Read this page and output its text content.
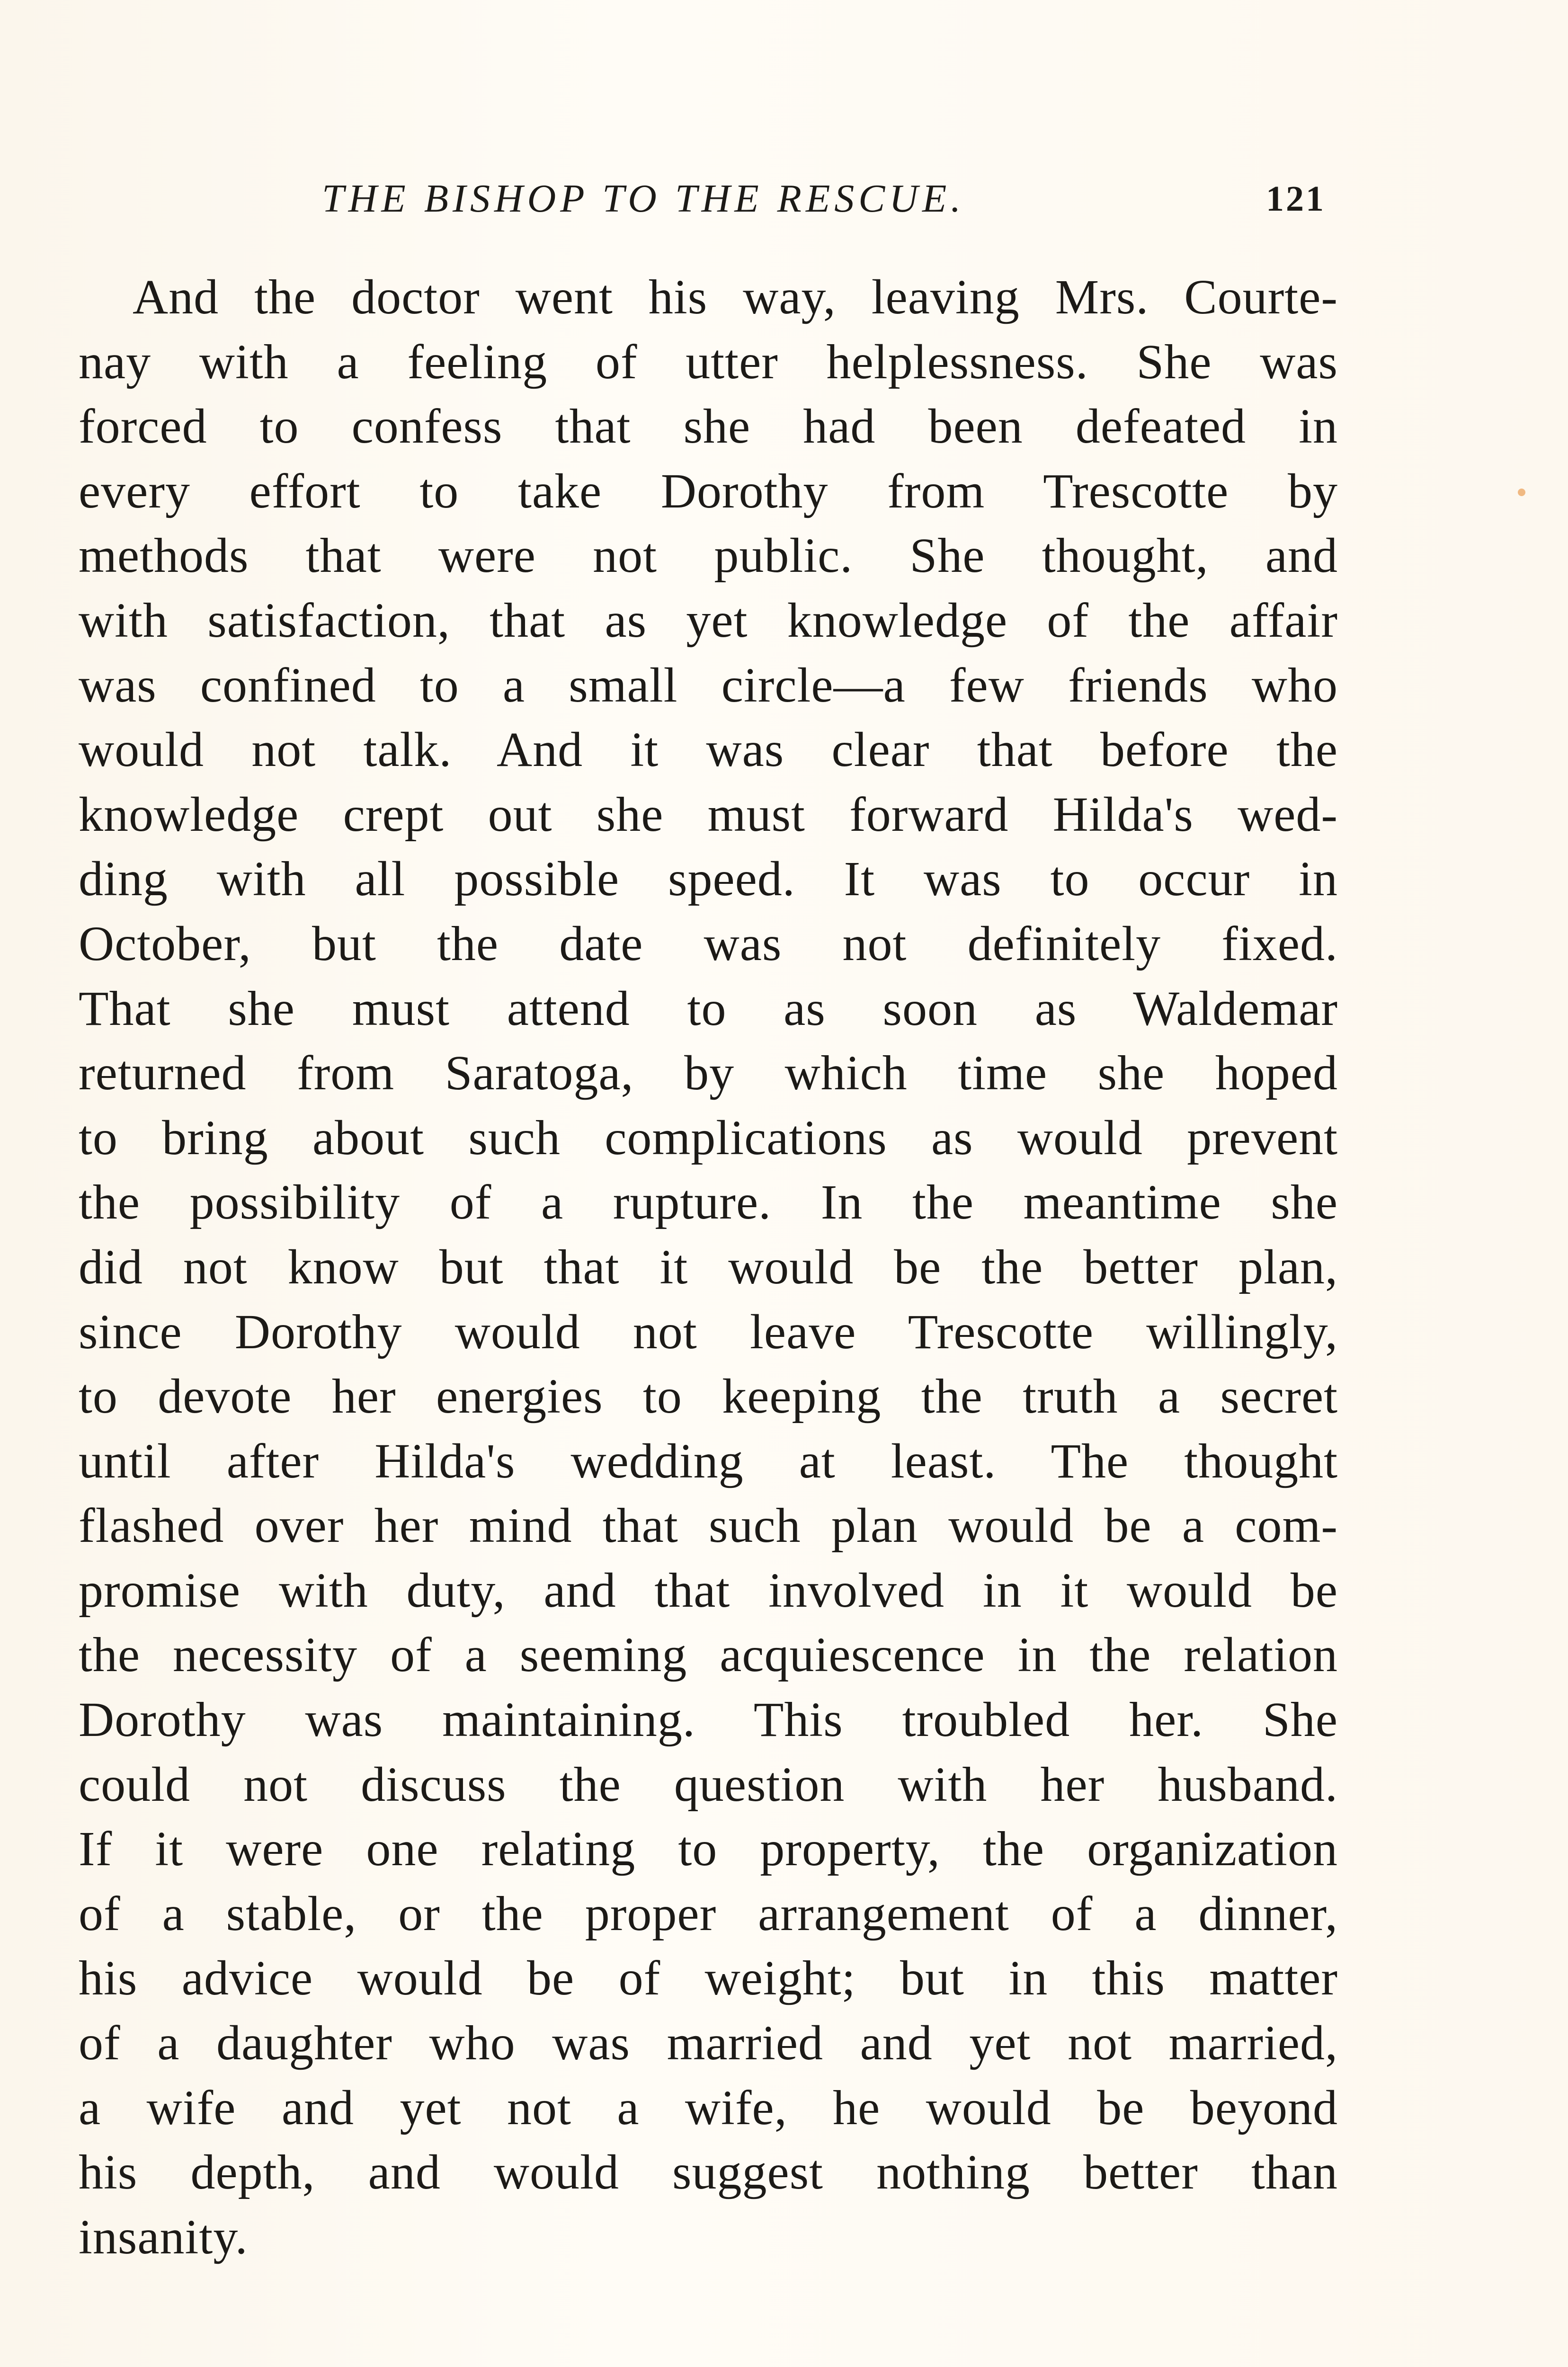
THE BISHOP TO THE RESCUE.	121
And the doctor went his way, leaving Mrs. Courte-
nay with a feeling of utter helplessness. She was
forced to confess that she had been defeated in
every effort to take Dorothy from Trescotte by
methods that were not public. She thought, and
with satisfaction, that as yet knowledge of the affair
was confined to a small circle—a few friends who
would not talk. And it was clear that before the
knowledge crept out she must forward Hilda's wed-
ding with all possible speed. It was to occur in
October, but the date was not definitely fixed.
That she must attend to as soon as Waldemar
returned from Saratoga, by which time she hoped
to bring about such complications as would prevent
the possibility of a rupture. In the meantime she
did not know but that it would be the better plan,
since Dorothy would not leave Trescotte willingly,
to devote her energies to keeping the truth a secret
until after Hilda's wedding at least. The thought
flashed over her mind that such plan would be a com-
promise with duty, and that involved in it would be
the necessity of a seeming acquiescence in the relation
Dorothy was maintaining. This troubled her. She
could not discuss the question with her husband.
If it were one relating to property, the organization
of a stable, or the proper arrangement of a dinner,
his advice would be of weight; but in this matter
of a daughter who was married and yet not married,
a wife and yet not a wife, he would be beyond
his depth, and would suggest nothing better than
insanity.
